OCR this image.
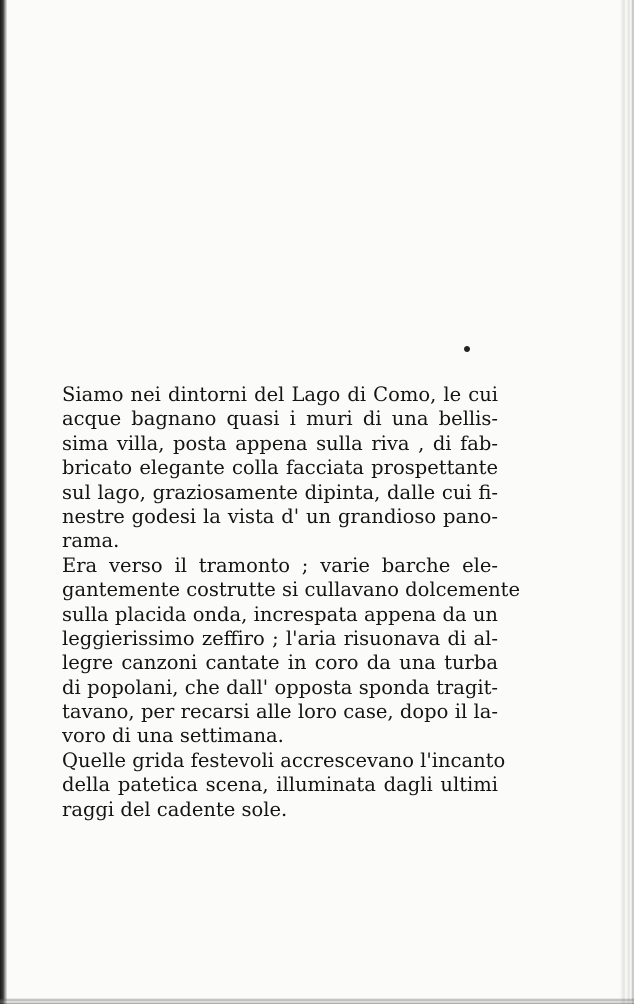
Siamo nei dintorni del Lago di Como, le cui
acque bagnano quasi i muri di una bellis-
sima villa, posta appena sulla riva , di fab-
bricato elegante colla facciata prospettante
sul lago, graziosamente dipinta, dalle cui fi-
nestre godesi la vista d' un grandioso pano-
rama.
Era verso il tramonto ; varie barche ele-
gantemente costrutte si cullavano dolcemente
sulla placida onda, increspata appena da un
leggierissimo zeffiro ; l'aria risuonava di al-
legre canzoni cantate in coro da una turba
di popolani, che dall' opposta sponda tragit-
tavano, per recarsi alle loro case, dopo il la-
voro di una settimana.
Quelle grida festevoli accrescevano l'incanto
della patetica scena, illuminata dagli ultimi
raggi del cadente sole.
